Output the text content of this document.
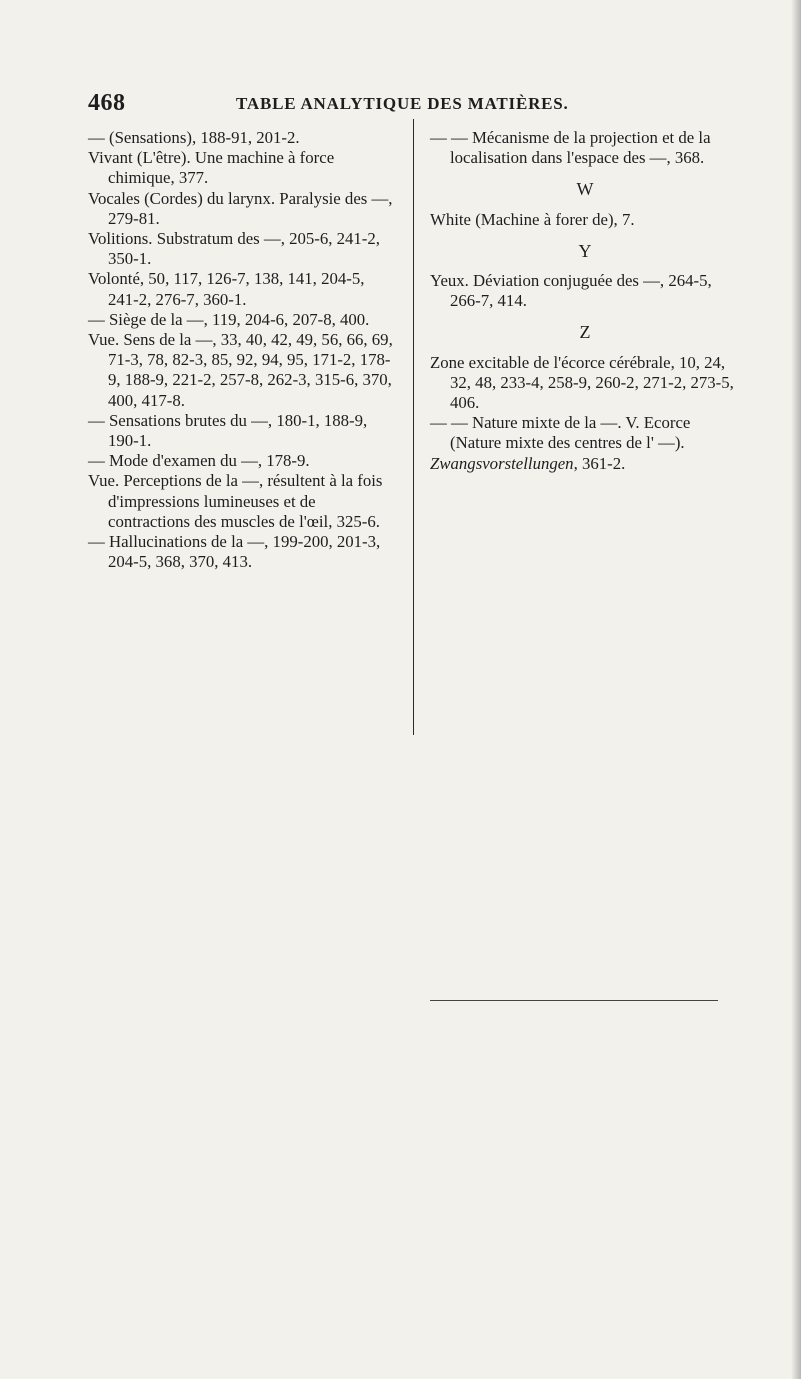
468	TABLE ANALYTIQUE DES MATIÈRES.

— (Sensations), 188-91, 201-2.

Vivant (L'être). Une machine à force chimique, 377.

Vocales (Cordes) du larynx. Paralysie des —, 279-81.

Volitions. Substratum des —, 205-6, 241-2, 350-1.

Volonté, 50, 117, 126-7, 138, 141, 204-5, 241-2, 276-7, 360-1.

— Siège de la —, 119, 204-6, 207-8, 400.

Vue. Sens de la —, 33, 40, 42, 49, 56, 66, 69, 71-3, 78, 82-3, 85, 92, 94, 95, 171-2, 178-9, 188-9, 221-2, 257-8, 262-3, 315-6, 370, 400, 417-8.

— Sensations brutes du —, 180-1, 188-9, 190-1.

— Mode d'examen du —, 178-9.

Vue. Perceptions de la —, résultent à la fois d'impressions lumineuses et de contractions des muscles de l'œil, 325-6.

— Hallucinations de la —, 199-200, 201-3, 204-5, 368, 370, 413.

— — Mécanisme de la projection et de la localisation dans l'espace des —, 368.

W

White (Machine à forer de), 7.

Y

Yeux. Déviation conjuguée des —, 264-5, 266-7, 414.

Z

Zone excitable de l'écorce cérébrale, 10, 24, 32, 48, 233-4, 258-9, 260-2, 271-2, 273-5, 406.

— — Nature mixte de la —. V. Ecorce (Nature mixte des centres de l' —).

Zwangsvorstellungen, 361-2.
